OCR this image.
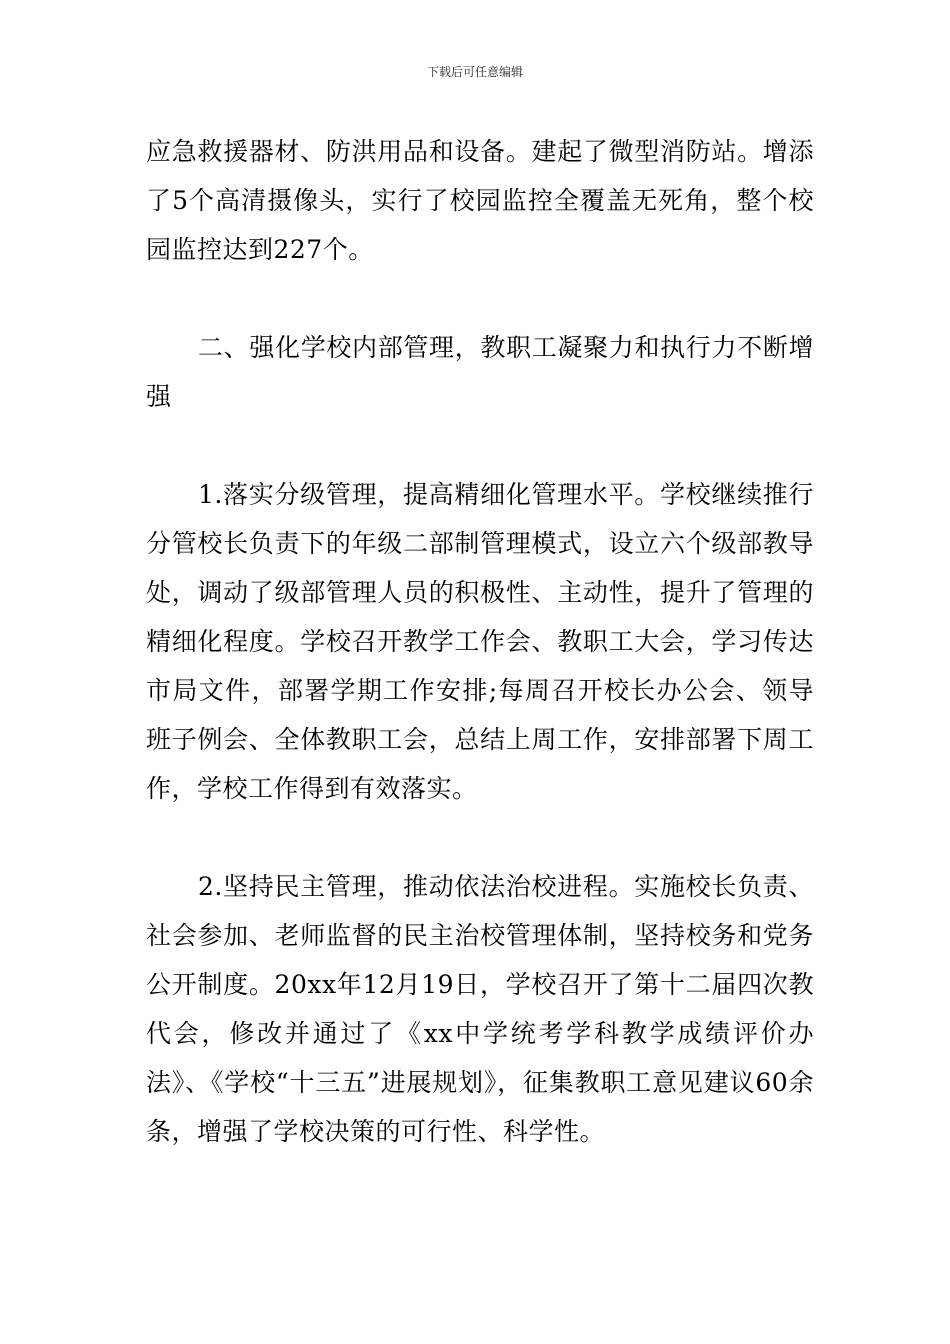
下载后可任意编辑

应急救援器材、防洪用品和设备。建起了微型消防站。增添了5个高清摄像头，实行了校园监控全覆盖无死角，整个校园监控达到227个。

二、强化学校内部管理，教职工凝聚力和执行力不断增强

1.落实分级管理，提高精细化管理水平。学校继续推行分管校长负责下的年级二部制管理模式，设立六个级部教导处，调动了级部管理人员的积极性、主动性，提升了管理的精细化程度。学校召开教学工作会、教职工大会，学习传达市局文件，部署学期工作安排;每周召开校长办公会、领导班子例会、全体教职工会，总结上周工作，安排部署下周工作，学校工作得到有效落实。

2.坚持民主管理，推动依法治校进程。实施校长负责、社会参加、老师监督的民主治校管理体制，坚持校务和党务公开制度。20xx年12月19日，学校召开了第十二届四次教代会，修改并通过了《xx中学统考学科教学成绩评价办法》、《学校“十三五”进展规划》，征集教职工意见建议60余条，增强了学校决策的可行性、科学性。
